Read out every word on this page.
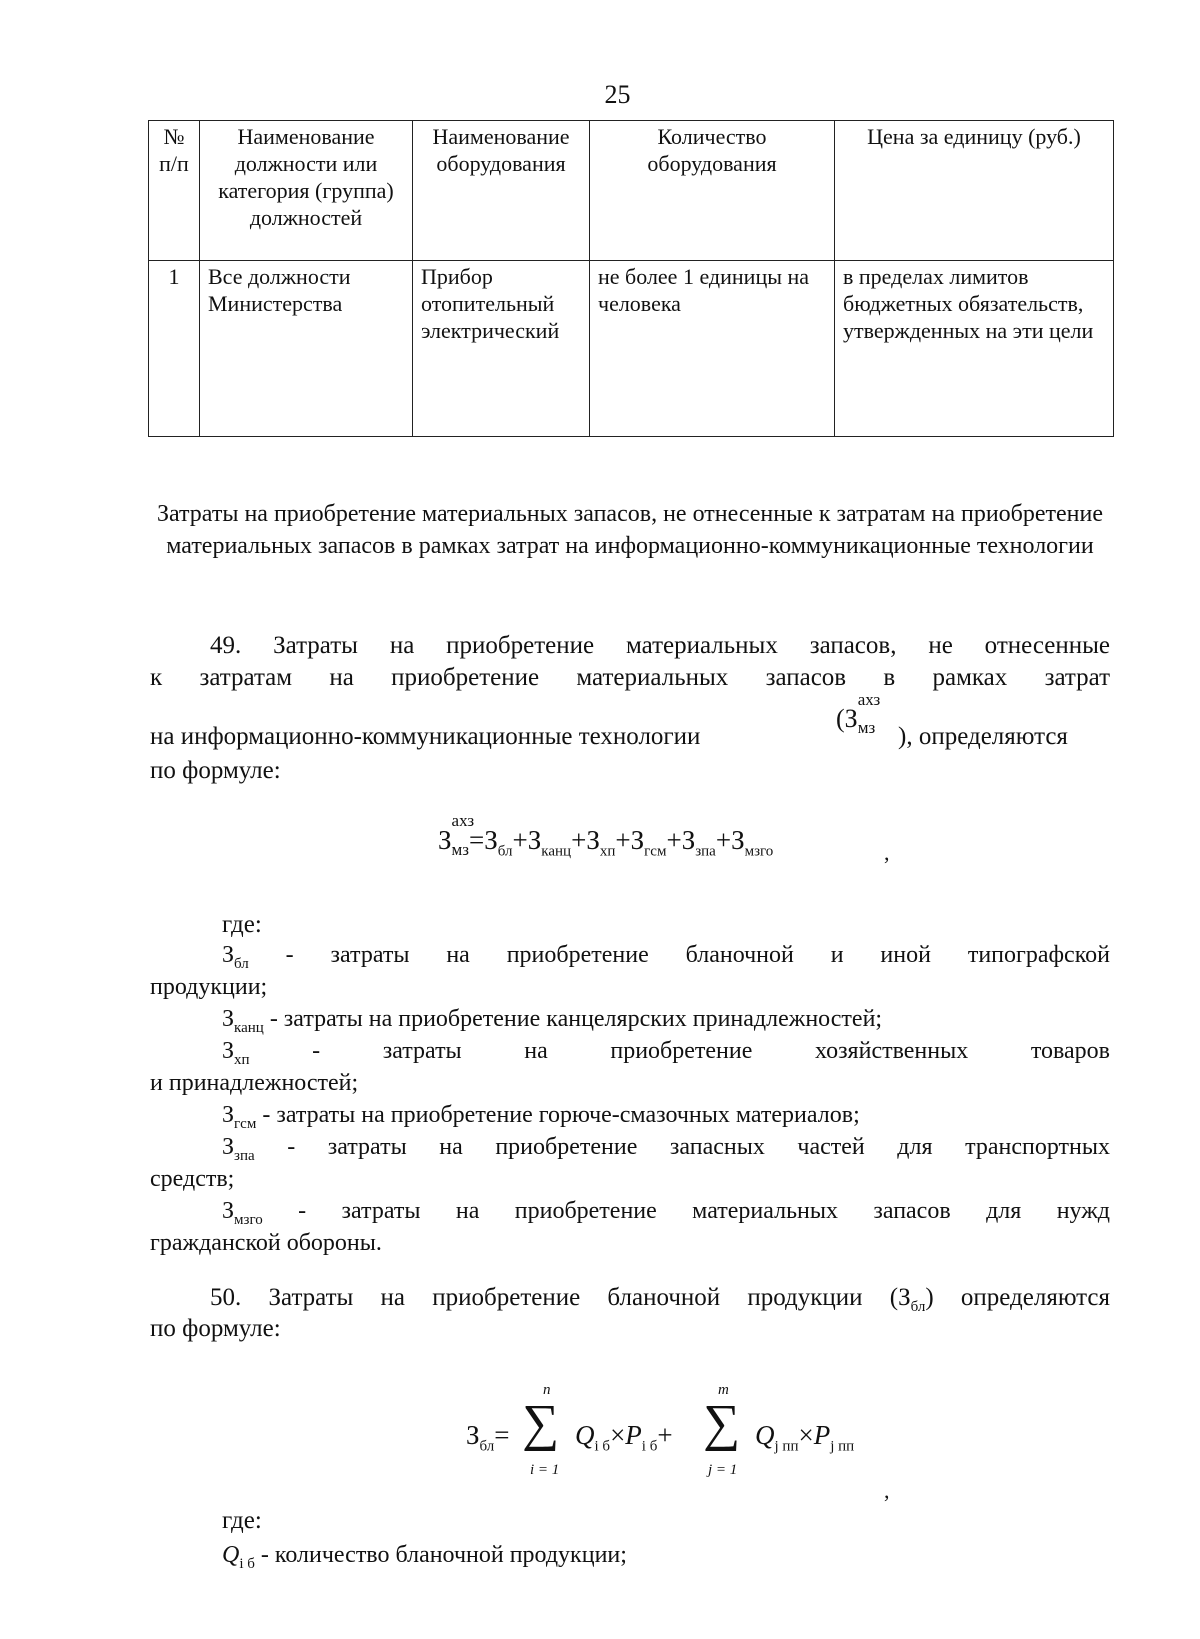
25
№ п/п	Наименование должности или категория (группа) должностей	Наименование оборудования	Количество оборудования	Цена за единицу (руб.)
1	Все должности Министерства	Прибор отопительный электрический	не более 1 единицы на человека	в пределах лимитов бюджетных обязательств, утвержденных на эти цели
Затраты на приобретение материальных запасов, не отнесенные к затратам на приобретение материальных запасов в рамках затрат на информационно-коммуникационные технологии
49. Затраты на приобретение материальных запасов, не отнесенные
к затратам на приобретение материальных запасов в рамках затрат
на информационно-коммуникационные технологии
(З
ахз
$_{мз}$ ), определяются
по формуле:
З
ахз
$_{мз}=З_{бл}+З_{канц}+З_{хп}+З_{гсм}+З_{зпа}+З_{мзго}$	,
где:
$З_{бл}$ - затраты на приобретение бланочной и иной типографской
продукции;
$З_{канц}$ - затраты на приобретение канцелярских принадлежностей;
$З_{хп}$	- затраты на приобретение хозяйственных товаров
и принадлежностей;
$З_{гсм}$ - затраты на приобретение горюче-смазочных материалов;
$З_{зпа}$ - затраты на приобретение запасных частей для транспортных
средств;
$З_{мзго}$ - затраты на приобретение материальных запасов для нужд
гражданской обороны.
50. Затраты на приобретение бланочной продукции $(З_{бл})$ определяются
по формуле:
$З_{бл}=$
n
∑
i = 1
$Q_{i б}\times P_{i б}+$
m
∑
j = 1
$Q_{j пп}\times P_{j пп}$
,
где:
$Q_{i б}$ - количество бланочной продукции;
